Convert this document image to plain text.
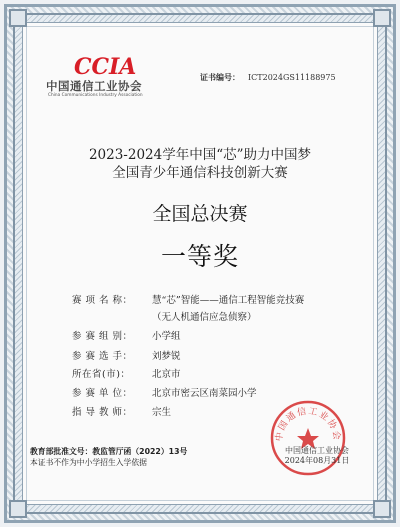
CCIA
中国通信工业协会
China Communications Industry Association
证书编号： ICT2024GS11188975
2023-2024学年中国“芯”助力中国梦
全国青少年通信科技创新大赛
全国总决赛
一等奖
赛 项 名 称： 慧“芯”智能——通信工程智能竞技赛
（无人机通信应急侦察）
参 赛 组 别： 小学组
参 赛 选 手： 刘梦锐
所在省(市)： 北京市
参 赛 单 位： 北京市密云区南菜园小学
指 导 教 师： 宗生
教育部批准文号：教监管厅函（2022）13号
本证书不作为中小学招生入学依据
中国通信工业协会
中国通信工业协会
2024年08月31日
